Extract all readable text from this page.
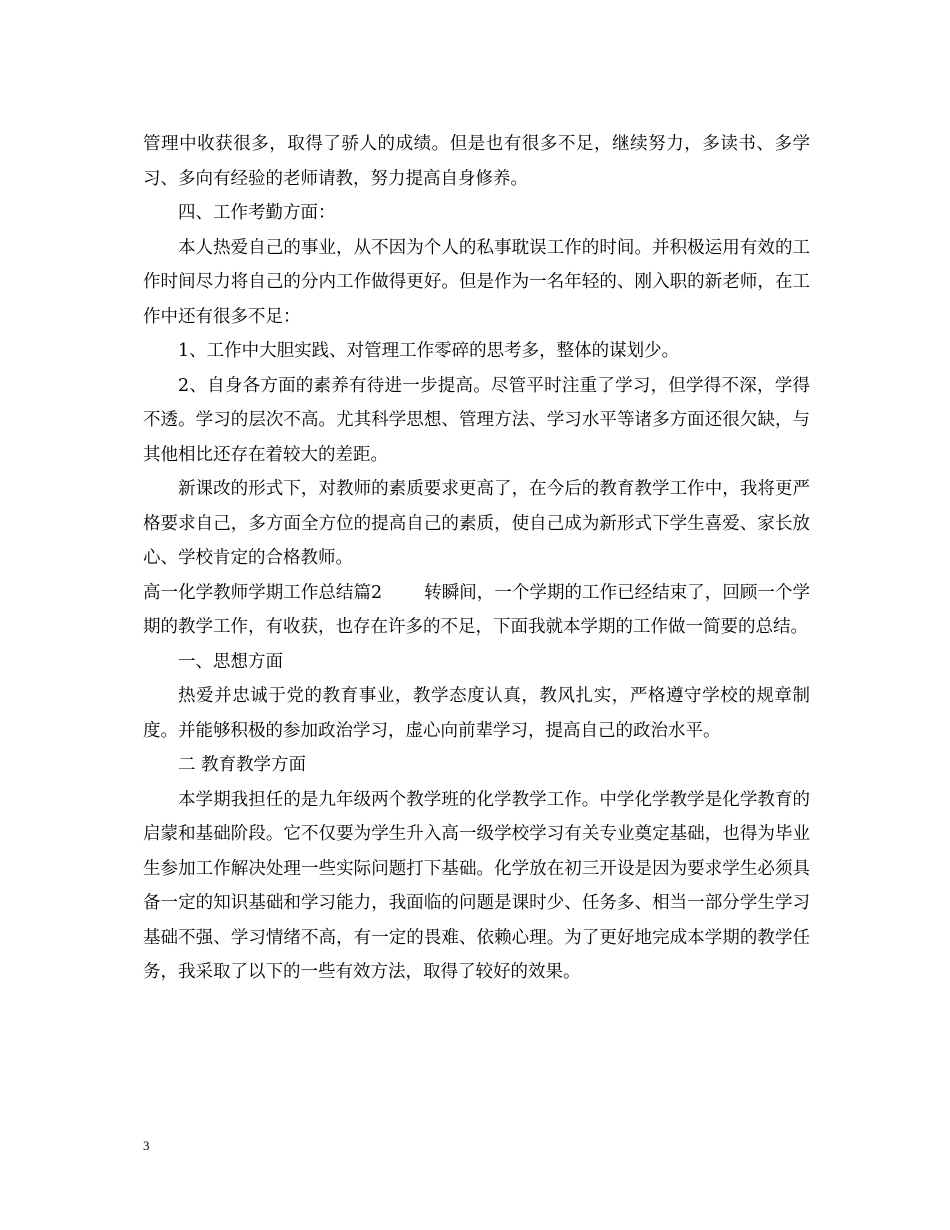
管理中收获很多，取得了骄人的成绩。但是也有很多不足，继续努力，多读书、多学习、多向有经验的老师请教，努力提高自身修养。

四、工作考勤方面：

本人热爱自己的事业，从不因为个人的私事耽误工作的时间。并积极运用有效的工作时间尽力将自己的分内工作做得更好。但是作为一名年轻的、刚入职的新老师，在工作中还有很多不足：

1、工作中大胆实践、对管理工作零碎的思考多，整体的谋划少。

2、自身各方面的素养有待进一步提高。尽管平时注重了学习，但学得不深，学得不透。学习的层次不高。尤其科学思想、管理方法、学习水平等诸多方面还很欠缺，与其他相比还存在着较大的差距。

新课改的形式下，对教师的素质要求更高了，在今后的教育教学工作中，我将更严格要求自己，多方面全方位的提高自己的素质，使自己成为新形式下学生喜爱、家长放心、学校肯定的合格教师。

高一化学教师学期工作总结篇2 转瞬间，一个学期的工作已经结束了，回顾一个学期的教学工作，有收获，也存在许多的不足，下面我就本学期的工作做一简要的总结。

一、思想方面

热爱并忠诚于党的教育事业，教学态度认真，教风扎实，严格遵守学校的规章制度。并能够积极的参加政治学习，虚心向前辈学习，提高自己的政治水平。

二 教育教学方面

本学期我担任的是九年级两个教学班的化学教学工作。中学化学教学是化学教育的启蒙和基础阶段。它不仅要为学生升入高一级学校学习有关专业奠定基础，也得为毕业生参加工作解决处理一些实际问题打下基础。化学放在初三开设是因为要求学生必须具备一定的知识基础和学习能力，我面临的问题是课时少、任务多、相当一部分学生学习基础不强、学习情绪不高，有一定的畏难、依赖心理。为了更好地完成本学期的教学任务，我采取了以下的一些有效方法，取得了较好的效果。

3
